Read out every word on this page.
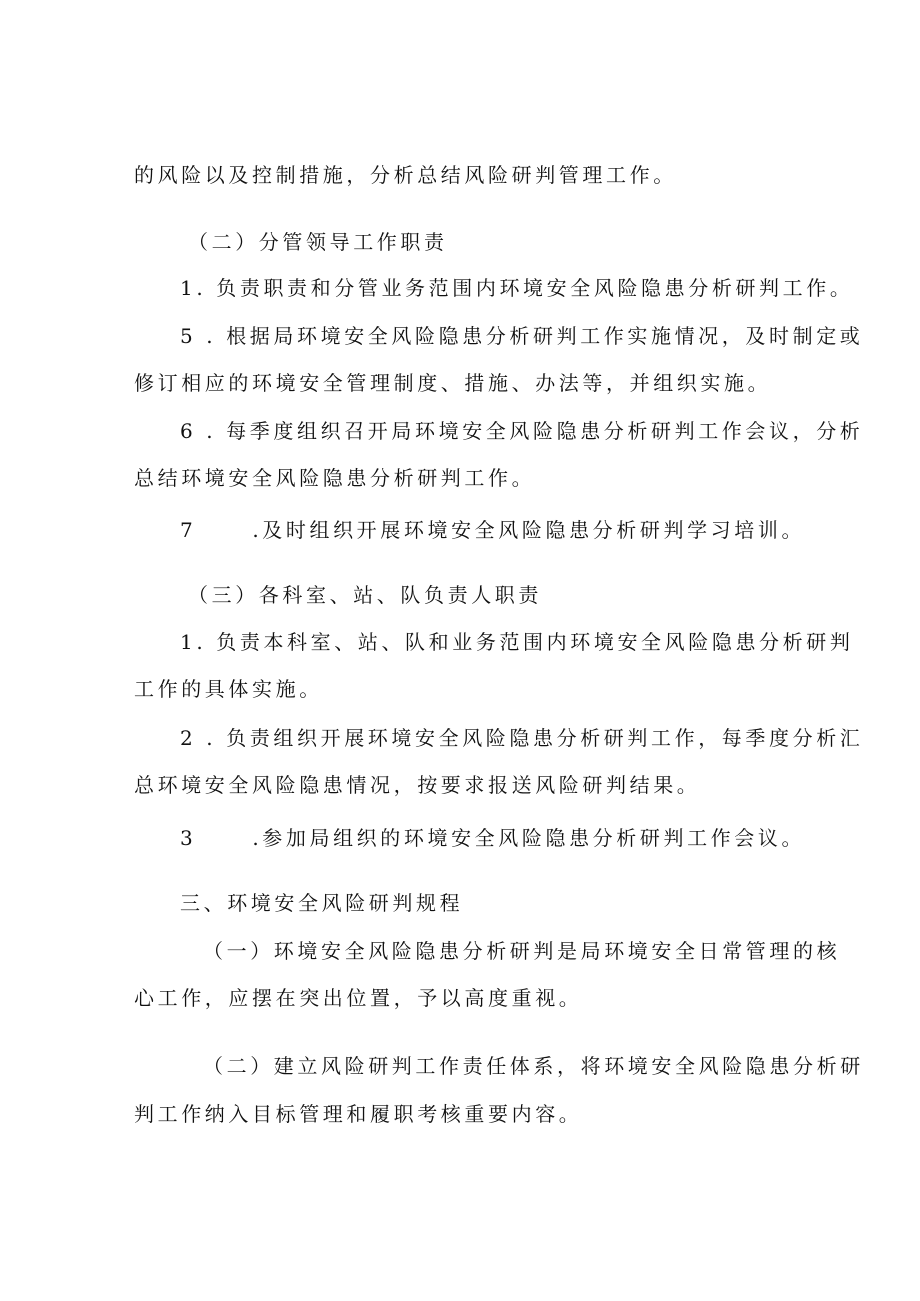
的风险以及控制措施，分析总结风险研判管理工作。
（二）分管领导工作职责
1. 负责职责和分管业务范围内环境安全风险隐患分析研判工作。
5 . 根据局环境安全风险隐患分析研判工作实施情况，及时制定或
修订相应的环境安全管理制度、措施、办法等，并组织实施。
6 . 每季度组织召开局环境安全风险隐患分析研判工作会议，分析
总结环境安全风险隐患分析研判工作。
7	.及时组织开展环境安全风险隐患分析研判学习培训。
（三）各科室、站、队负责人职责
1. 负责本科室、站、队和业务范围内环境安全风险隐患分析研判
工作的具体实施。
2 . 负责组织开展环境安全风险隐患分析研判工作，每季度分析汇
总环境安全风险隐患情况，按要求报送风险研判结果。
3	.参加局组织的环境安全风险隐患分析研判工作会议。
三、环境安全风险研判规程
（一）环境安全风险隐患分析研判是局环境安全日常管理的核
心工作，应摆在突出位置，予以高度重视。
（二）建立风险研判工作责任体系，将环境安全风险隐患分析研
判工作纳入目标管理和履职考核重要内容。
